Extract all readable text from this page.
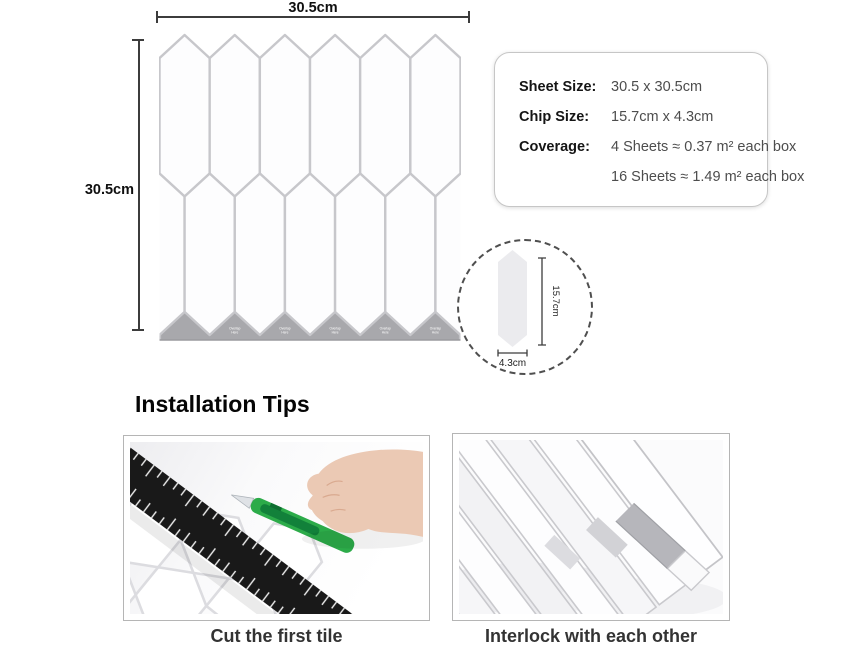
30.5cm
30.5cm
Overlap
Here
Overlap
Here
Overlap
Here
Overlap
Here
Overlap
Here
Sheet Size:	30.5 x 30.5cm
Chip Size:	15.7cm x 4.3cm
Coverage:	4 Sheets ≈ 0.37 m² each box
16 Sheets ≈ 1.49 m² each box
15.7cm
4.3cm
Installation Tips
Cut the first tile	Interlock with each other
